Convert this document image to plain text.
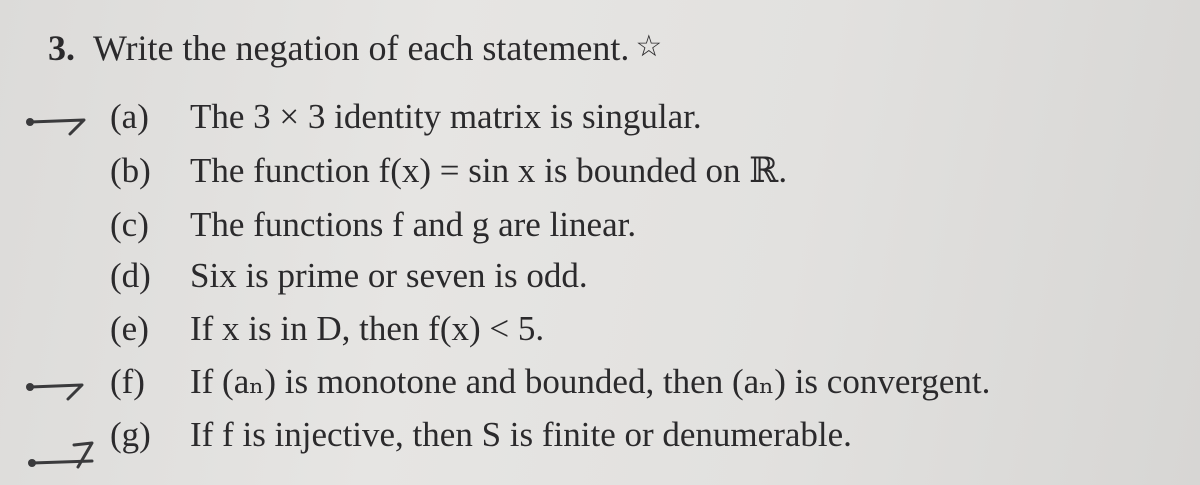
3. Write the negation of each statement. ☆
(a) The 3 × 3 identity matrix is singular.
(b) The function f(x) = sin x is bounded on ℝ.
(c) The functions f and g are linear.
(d) Six is prime or seven is odd.
(e) If x is in D, then f(x) < 5.
(f) If (aₙ) is monotone and bounded, then (aₙ) is convergent.
(g) If f is injective, then S is finite or denumerable.
